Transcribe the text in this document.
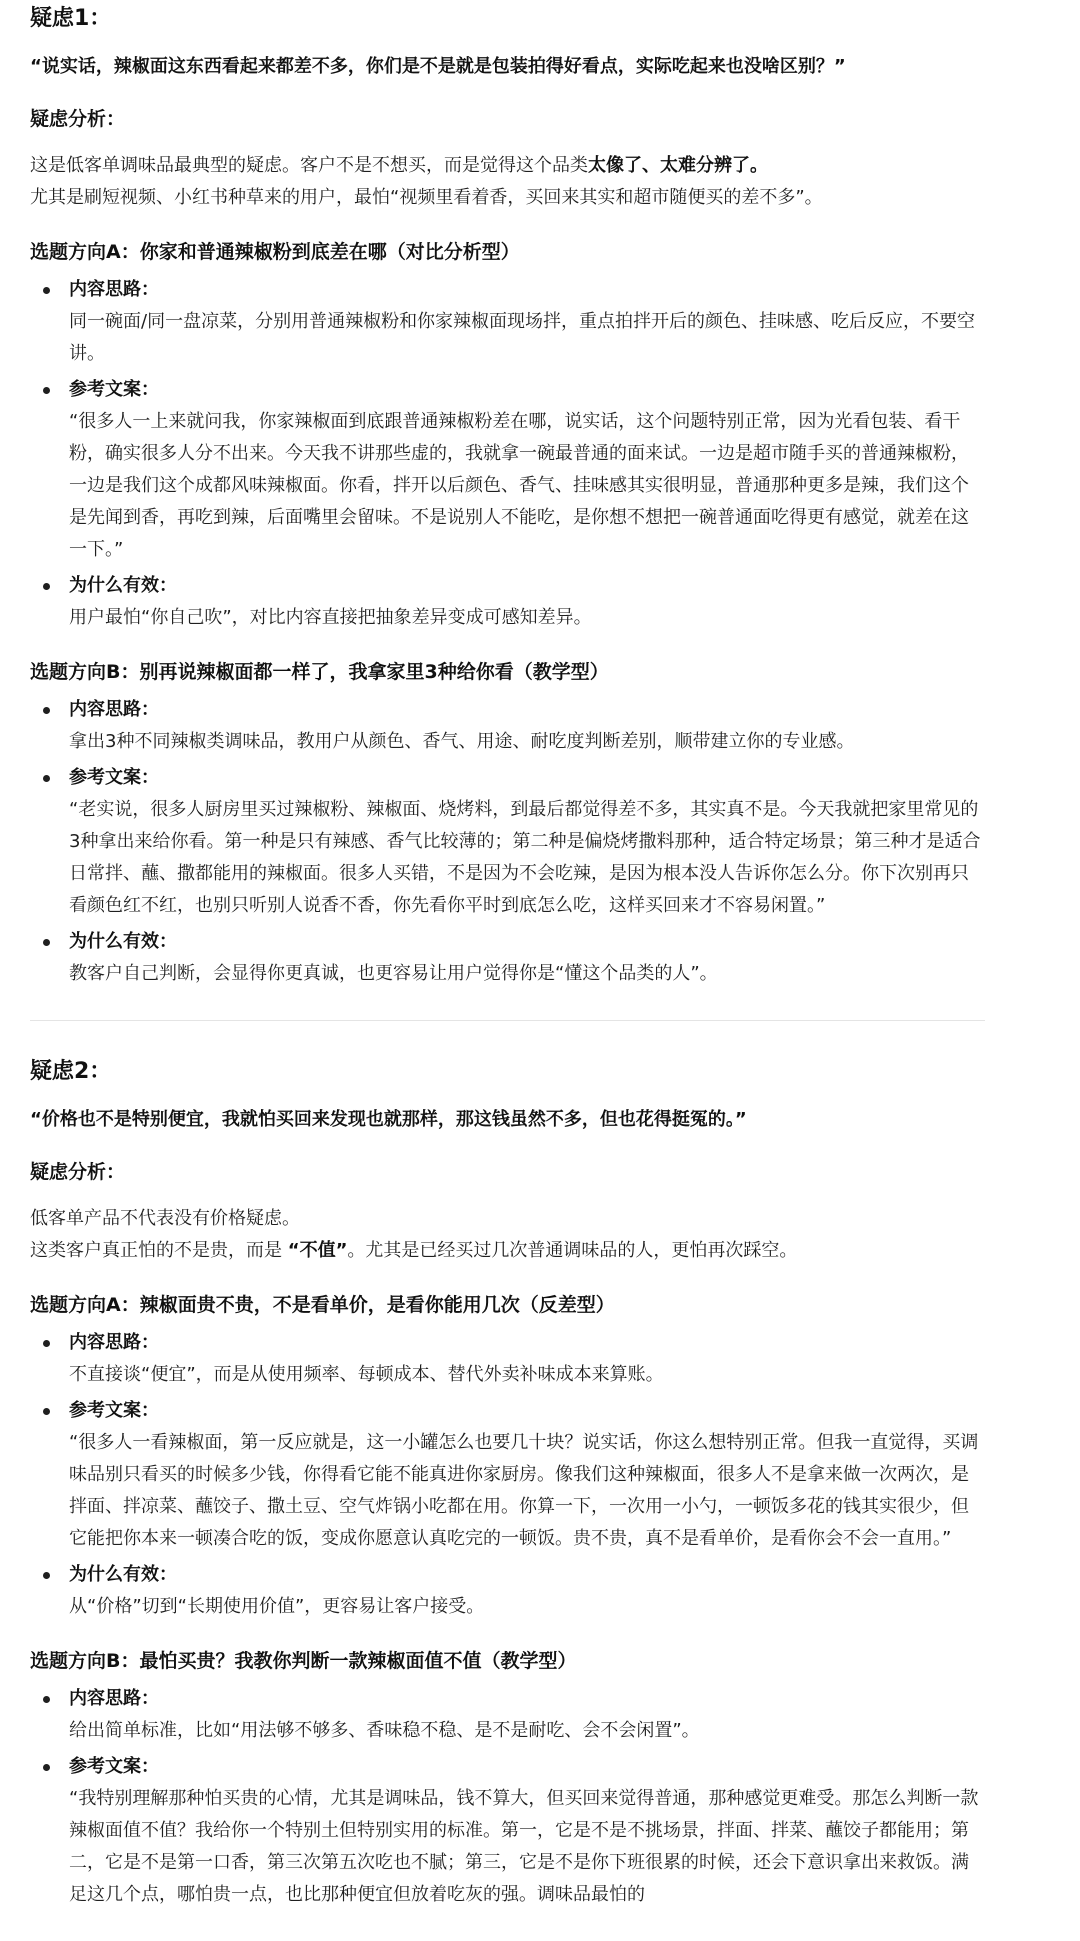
疑虑1：

“说实话，辣椒面这东西看起来都差不多，你们是不是就是包装拍得好看点，实际吃起来也没啥区别？”

疑虑分析：

这是低客单调味品最典型的疑虑。客户不是不想买，而是觉得这个品类太像了、太难分辨了。

尤其是刷短视频、小红书种草来的用户，最怕“视频里看着香，买回来其实和超市随便买的差不多”。

选题方向A：你家和普通辣椒粉到底差在哪（对比分析型）
内容思路：
同一碗面/同一盘凉菜，分别用普通辣椒粉和你家辣椒面现场拌，重点拍拌开后的颜色、挂味感、吃后反应，不要空讲。
参考文案：
“很多人一上来就问我，你家辣椒面到底跟普通辣椒粉差在哪，说实话，这个问题特别正常，因为光看包装、看干粉，确实很多人分不出来。今天我不讲那些虚的，我就拿一碗最普通的面来试。一边是超市随手买的普通辣椒粉，一边是我们这个成都风味辣椒面。你看，拌开以后颜色、香气、挂味感其实很明显，普通那种更多是辣，我们这个是先闻到香，再吃到辣，后面嘴里会留味。不是说别人不能吃，是你想不想把一碗普通面吃得更有感觉，就差在这一下。”
为什么有效：
用户最怕“你自己吹”，对比内容直接把抽象差异变成可感知差异。
选题方向B：别再说辣椒面都一样了，我拿家里3种给你看（教学型）
内容思路：
拿出3种不同辣椒类调味品，教用户从颜色、香气、用途、耐吃度判断差别，顺带建立你的专业感。
参考文案：
“老实说，很多人厨房里买过辣椒粉、辣椒面、烧烤料，到最后都觉得差不多，其实真不是。今天我就把家里常见的3种拿出来给你看。第一种是只有辣感、香气比较薄的；第二种是偏烧烤撒料那种，适合特定场景；第三种才是适合日常拌、蘸、撒都能用的辣椒面。很多人买错，不是因为不会吃辣，是因为根本没人告诉你怎么分。你下次别再只看颜色红不红，也别只听别人说香不香，你先看你平时到底怎么吃，这样买回来才不容易闲置。”
为什么有效：
教客户自己判断，会显得你更真诚，也更容易让用户觉得你是“懂这个品类的人”。
疑虑2：

“价格也不是特别便宜，我就怕买回来发现也就那样，那这钱虽然不多，但也花得挺冤的。”

疑虑分析：

低客单产品不代表没有价格疑虑。

这类客户真正怕的不是贵，而是 “不值”。尤其是已经买过几次普通调味品的人，更怕再次踩空。

选题方向A：辣椒面贵不贵，不是看单价，是看你能用几次（反差型）
内容思路：
不直接谈“便宜”，而是从使用频率、每顿成本、替代外卖补味成本来算账。
参考文案：
“很多人一看辣椒面，第一反应就是，这一小罐怎么也要几十块？说实话，你这么想特别正常。但我一直觉得，买调味品别只看买的时候多少钱，你得看它能不能真进你家厨房。像我们这种辣椒面，很多人不是拿来做一次两次，是拌面、拌凉菜、蘸饺子、撒土豆、空气炸锅小吃都在用。你算一下，一次用一小勺，一顿饭多花的钱其实很少，但它能把你本来一顿凑合吃的饭，变成你愿意认真吃完的一顿饭。贵不贵，真不是看单价，是看你会不会一直用。”
为什么有效：
从“价格”切到“长期使用价值”，更容易让客户接受。
选题方向B：最怕买贵？我教你判断一款辣椒面值不值（教学型）
内容思路：
给出简单标准，比如“用法够不够多、香味稳不稳、是不是耐吃、会不会闲置”。
参考文案：
“我特别理解那种怕买贵的心情，尤其是调味品，钱不算大，但买回来觉得普通，那种感觉更难受。那怎么判断一款辣椒面值不值？我给你一个特别土但特别实用的标准。第一，它是不是不挑场景，拌面、拌菜、蘸饺子都能用；第二，它是不是第一口香，第三次第五次吃也不腻；第三，它是不是你下班很累的时候，还会下意识拿出来救饭。满足这几个点，哪怕贵一点，也比那种便宜但放着吃灰的强。调味品最怕的
